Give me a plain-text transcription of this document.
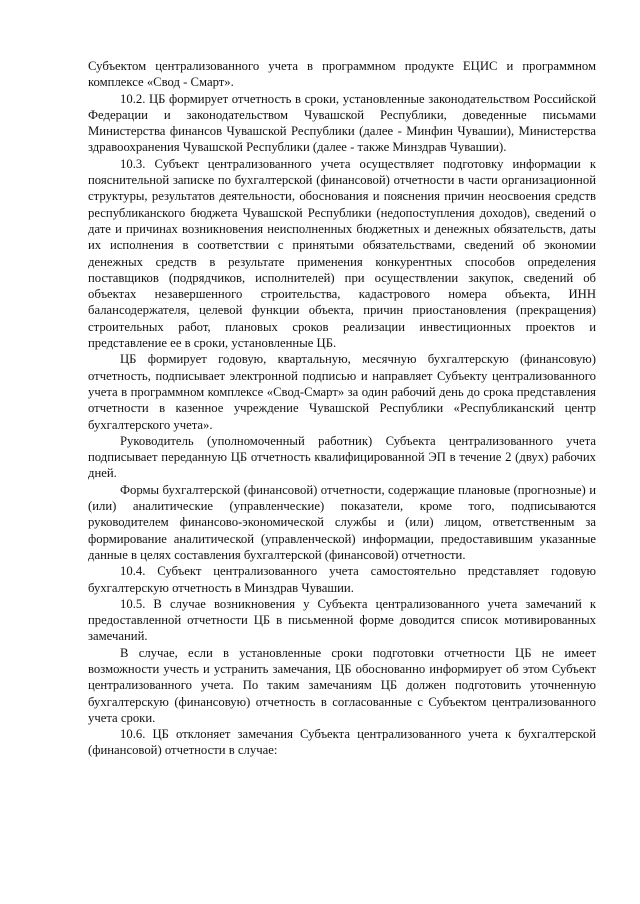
Субъектом централизованного учета в программном продукте ЕЦИС и программном комплексе «Свод - Смарт».

10.2. ЦБ формирует отчетность в сроки, установленные законодательством Российской Федерации и законодательством Чувашской Республики, доведенные письмами Министерства финансов Чувашской Республики (далее - Минфин Чувашии), Министерства здравоохранения Чувашской Республики (далее - также Минздрав Чувашии).

10.3. Субъект централизованного учета осуществляет подготовку информации к пояснительной записке по бухгалтерской (финансовой) отчетности в части организационной структуры, результатов деятельности, обоснования и пояснения причин неосвоения средств республиканского бюджета Чувашской Республики (недопоступления доходов), сведений о дате и причинах возникновения неисполненных бюджетных и денежных обязательств, даты их исполнения в соответствии с принятыми обязательствами, сведений об экономии денежных средств в результате применения конкурентных способов определения поставщиков (подрядчиков, исполнителей) при осуществлении закупок, сведений об объектах незавершенного строительства, кадастрового номера объекта, ИНН балансодержателя, целевой функции объекта, причин приостановления (прекращения) строительных работ, плановых сроков реализации инвестиционных проектов и представление ее в сроки, установленные ЦБ.

ЦБ формирует годовую, квартальную, месячную бухгалтерскую (финансовую) отчетность, подписывает электронной подписью и направляет Субъекту централизованного учета в программном комплексе «Свод-Смарт» за один рабочий день до срока представления отчетности в казенное учреждение Чувашской Республики «Республиканский центр бухгалтерского учета».

Руководитель (уполномоченный работник) Субъекта централизованного учета подписывает переданную ЦБ отчетность квалифицированной ЭП в течение 2 (двух) рабочих дней.

Формы бухгалтерской (финансовой) отчетности, содержащие плановые (прогнозные) и (или) аналитические (управленческие) показатели, кроме того, подписываются руководителем финансово-экономической службы и (или) лицом, ответственным за формирование аналитической (управленческой) информации, предоставившим указанные данные в целях составления бухгалтерской (финансовой) отчетности.

10.4. Субъект централизованного учета самостоятельно представляет годовую бухгалтерскую отчетность в Минздрав Чувашии.

10.5. В случае возникновения у Субъекта централизованного учета замечаний к предоставленной отчетности ЦБ в письменной форме доводится список мотивированных замечаний.

В случае, если в установленные сроки подготовки отчетности ЦБ не имеет возможности учесть и устранить замечания, ЦБ обоснованно информирует об этом Субъект централизованного учета. По таким замечаниям ЦБ должен подготовить уточненную бухгалтерскую (финансовую) отчетность в согласованные с Субъектом централизованного учета сроки.

10.6. ЦБ отклоняет замечания Субъекта централизованного учета к бухгалтерской (финансовой) отчетности в случае:
